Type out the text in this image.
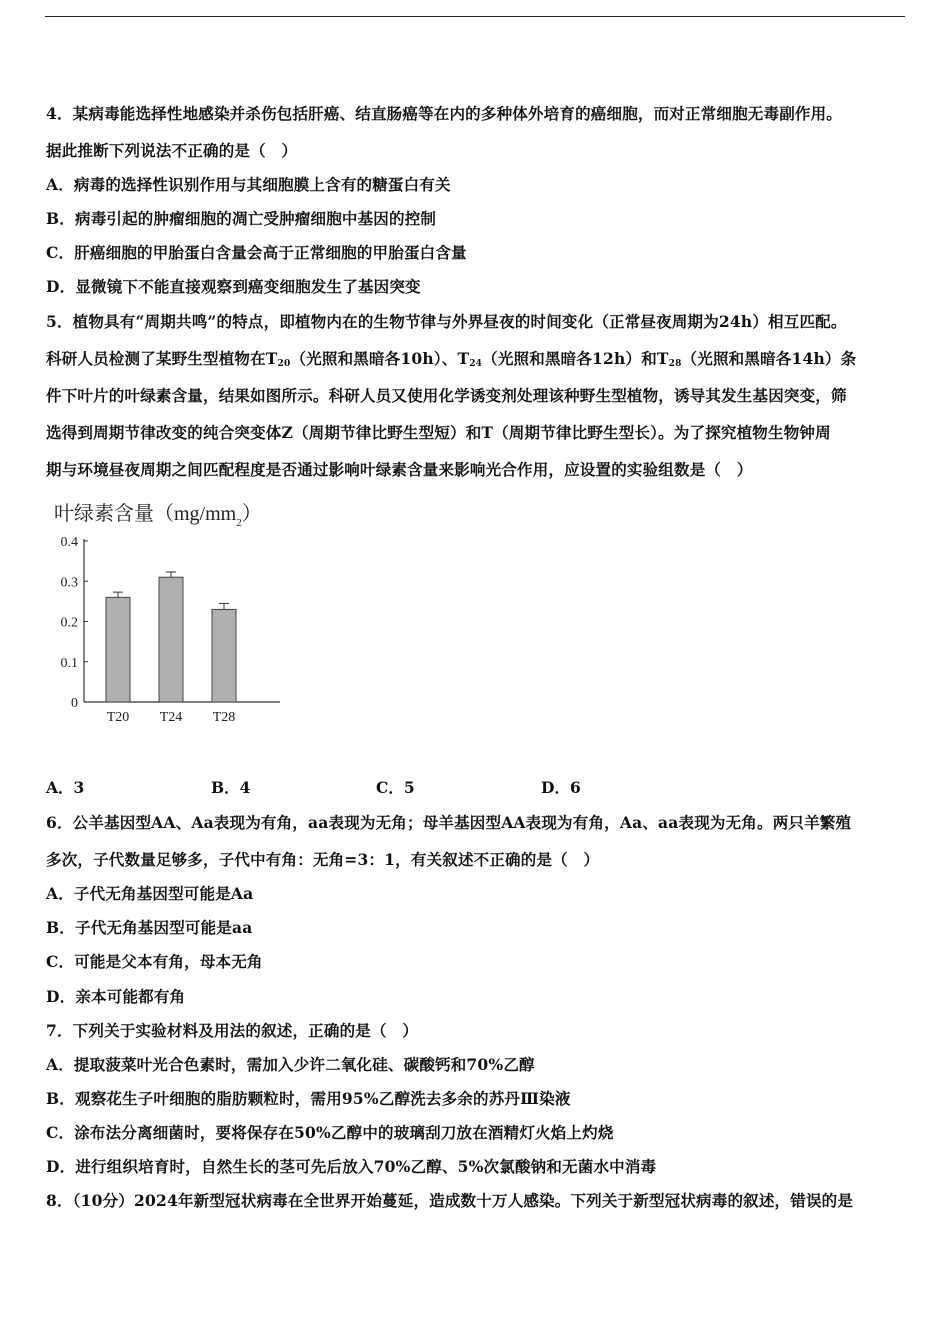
4．某病毒能选择性地感染并杀伤包括肝癌、结直肠癌等在内的多种体外培育的癌细胞，而对正常细胞无毒副作用。
据此推断下列说法不正确的是（　）
A．病毒的选择性识别作用与其细胞膜上含有的糖蛋白有关
B．病毒引起的肿瘤细胞的凋亡受肿瘤细胞中基因的控制
C．肝癌细胞的甲胎蛋白含量会高于正常细胞的甲胎蛋白含量
D．显微镜下不能直接观察到癌变细胞发生了基因突变
5．植物具有“周期共鸣”的特点，即植物内在的生物节律与外界昼夜的时间变化（正常昼夜周期为24h）相互匹配。
科研人员检测了某野生型植物在$T_{20}$（光照和黑暗各10h）、$T_{24}$（光照和黑暗各12h）和$T_{28}$（光照和黑暗各14h）条
件下叶片的叶绿素含量，结果如图所示。科研人员又使用化学诱变剂处理该种野生型植物，诱导其发生基因突变，筛
选得到周期节律改变的纯合突变体Z（周期节律比野生型短）和T（周期节律比野生型长）。为了探究植物生物钟周
期与环境昼夜周期之间匹配程度是否通过影响叶绿素含量来影响光合作用，应设置的实验组数是（　）
叶绿素含量$(mg/mm_2)$
0
0.1
0.2
0.3
0.4
T20 T24 T28
A．3	B．4	C．5	D．6
6．公羊基因型AA、Aa表现为有角，aa表现为无角；母羊基因型AA表现为有角，Aa、aa表现为无角。两只羊繁殖
多次，子代数量足够多，子代中有角：无角=3：1，有关叙述不正确的是（　）
A．子代无角基因型可能是Aa
B．子代无角基因型可能是aa
C．可能是父本有角，母本无角
D．亲本可能都有角
7．下列关于实验材料及用法的叙述，正确的是（　）
A．提取菠菜叶光合色素时，需加入少许二氧化硅、碳酸钙和70%乙醇
B．观察花生子叶细胞的脂肪颗粒时，需用95%乙醇洗去多余的苏丹Ⅲ染液
C．涂布法分离细菌时，要将保存在50%乙醇中的玻璃刮刀放在酒精灯火焰上灼烧
D．进行组织培育时，自然生长的茎可先后放入70%乙醇、5%次氯酸钠和无菌水中消毒
8．（10分）2024年新型冠状病毒在全世界开始蔓延，造成数十万人感染。下列关于新型冠状病毒的叙述，错误的是
